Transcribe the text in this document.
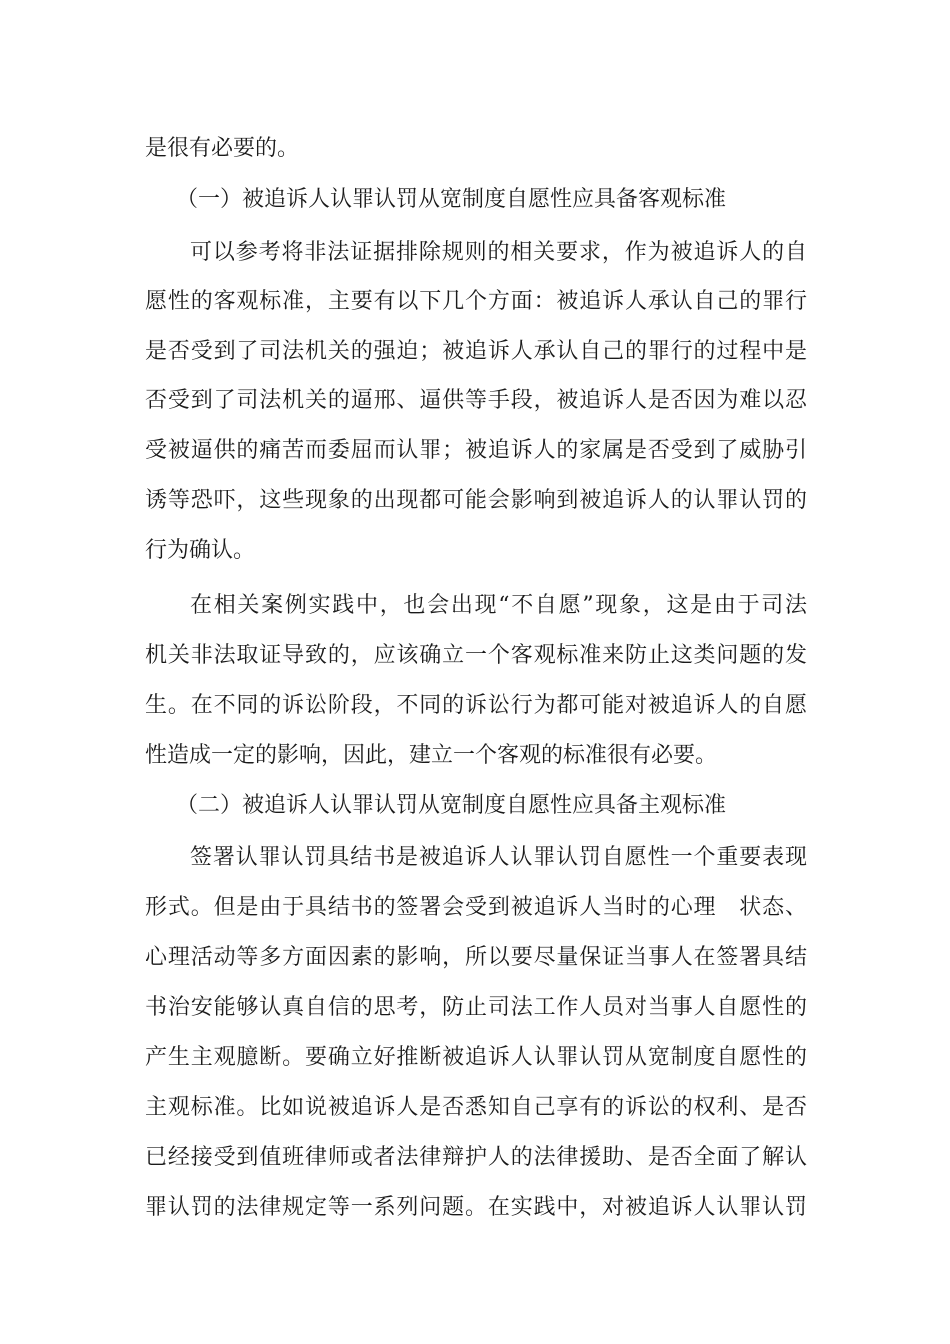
是很有必要的。
（一）被追诉人认罪认罚从宽制度自愿性应具备客观标准
可以参考将非法证据排除规则的相关要求，作为被追诉人的自
愿性的客观标准，主要有以下几个方面：被追诉人承认自己的罪行
是否受到了司法机关的强迫；被追诉人承认自己的罪行的过程中是
否受到了司法机关的逼邢、逼供等手段，被追诉人是否因为难以忍
受被逼供的痛苦而委屈而认罪；被追诉人的家属是否受到了威胁引
诱等恐吓，这些现象的出现都可能会影响到被追诉人的认罪认罚的
行为确认。
在相关案例实践中，也会出现“不自愿”现象，这是由于司法
机关非法取证导致的，应该确立一个客观标准来防止这类问题的发
生。在不同的诉讼阶段，不同的诉讼行为都可能对被追诉人的自愿
性造成一定的影响，因此，建立一个客观的标准很有必要。
（二）被追诉人认罪认罚从宽制度自愿性应具备主观标准
签署认罪认罚具结书是被追诉人认罪认罚自愿性一个重要表现
形式。但是由于具结书的签署会受到被追诉人当时的心理　状态、
心理活动等多方面因素的影响，所以要尽量保证当事人在签署具结
书治安能够认真自信的思考，防止司法工作人员对当事人自愿性的
产生主观臆断。要确立好推断被追诉人认罪认罚从宽制度自愿性的
主观标准。比如说被追诉人是否悉知自己享有的诉讼的权利、是否
已经接受到值班律师或者法律辩护人的法律援助、是否全面了解认
罪认罚的法律规定等一系列问题。在实践中，对被追诉人认罪认罚
